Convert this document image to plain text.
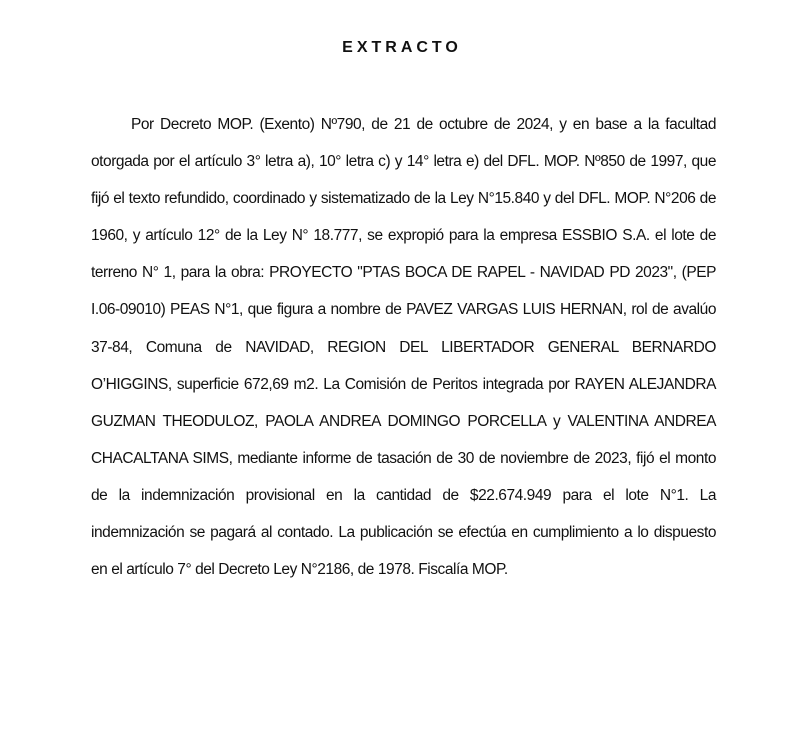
EXTRACTO

Por Decreto MOP. (Exento) Nº790, de 21 de octubre de 2024, y en base a la facultad otorgada por el artículo 3° letra a), 10° letra c) y 14° letra e) del DFL. MOP. Nº850 de 1997, que fijó el texto refundido, coordinado y sistematizado de la Ley N°15.840 y del DFL. MOP. N°206 de 1960, y artículo 12° de la Ley N° 18.777, se expropió para la empresa ESSBIO S.A. el lote de terreno N° 1, para la obra: PROYECTO "PTAS BOCA DE RAPEL - NAVIDAD PD 2023", (PEP I.06-09010) PEAS N°1, que figura a nombre de PAVEZ VARGAS LUIS HERNAN, rol de avalúo 37-84, Comuna de NAVIDAD, REGION DEL LIBERTADOR GENERAL BERNARDO O’HIGGINS, superficie 672,69 m2. La Comisión de Peritos integrada por RAYEN ALEJANDRA GUZMAN THEODULOZ, PAOLA ANDREA DOMINGO PORCELLA y VALENTINA ANDREA CHACALTANA SIMS, mediante informe de tasación de 30 de noviembre de 2023, fijó el monto de la indemnización provisional en la cantidad de $22.674.949 para el lote N°1. La indemnización se pagará al contado. La publicación se efectúa en cumplimiento a lo dispuesto en el artículo 7° del Decreto Ley N°2186, de 1978. Fiscalía MOP.
